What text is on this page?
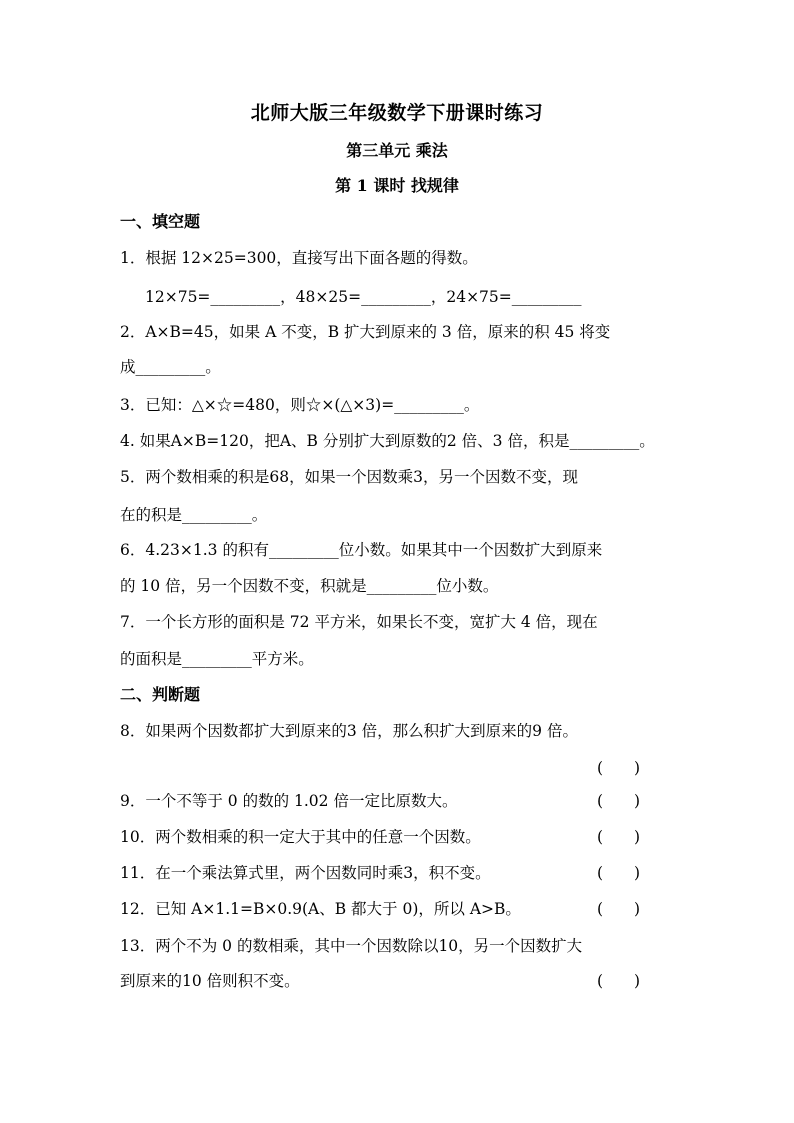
北师大版三年级数学下册课时练习
第三单元 乘法
第 1 课时 找规律
一、填空题
1．根据 12×25=300，直接写出下面各题的得数。
12×75=_________，48×25=_________，24×75=_________
2．A×B=45，如果 A 不变，B 扩大到原来的 3 倍，原来的积 45 将变
成_________。
3．已知：△×☆=480，则☆×(△×3)=_________。
4. 如果A×B=120，把A、B 分别扩大到原数的2 倍、3 倍，积是_________。
5．两个数相乘的积是68，如果一个因数乘3，另一个因数不变，现
在的积是_________。
6．4.23×1.3 的积有_________位小数。如果其中一个因数扩大到原来
的 10 倍，另一个因数不变，积就是_________位小数。
7．一个长方形的面积是 72 平方米，如果长不变，宽扩大 4 倍，现在
的面积是_________平方米。
二、判断题
8．如果两个因数都扩大到原来的3 倍，那么积扩大到原来的9 倍。
(　　)
9．一个不等于 0 的数的 1.02 倍一定比原数大。	(　　)
10．两个数相乘的积一定大于其中的任意一个因数。	(　　)
11．在一个乘法算式里，两个因数同时乘3，积不变。	(　　)
12．已知 A×1.1=B×0.9(A、B 都大于 0)，所以 A>B。	(　　)
13．两个不为 0 的数相乘，其中一个因数除以10，另一个因数扩大
到原来的10 倍则积不变。	(　　)
